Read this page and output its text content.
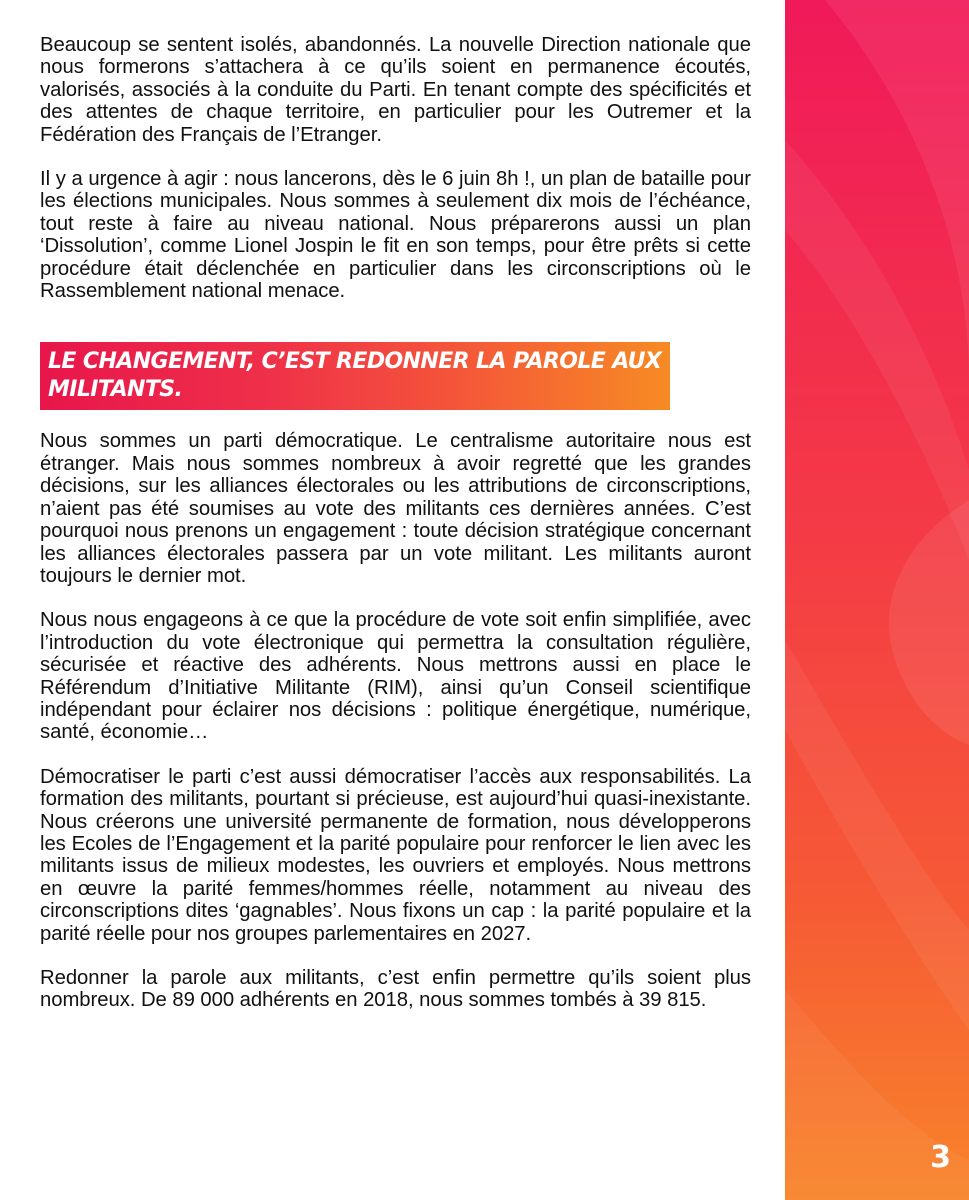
Beaucoup se sentent isolés, abandonnés. La nouvelle Direction nationale que nous formerons s’attachera à ce qu’ils soient en permanence écoutés, valorisés, associés à la conduite du Parti. En tenant compte des spécificités et des attentes de chaque territoire, en particulier pour les Outremer et la Fédération des Français de l’Etranger.

Il y a urgence à agir : nous lancerons, dès le 6 juin 8h !, un plan de bataille pour les élections municipales. Nous sommes à seulement dix mois de l’échéance, tout reste à faire au niveau national. Nous préparerons aussi un plan ‘Dissolution’, comme Lionel Jospin le fit en son temps, pour être prêts si cette procédure était déclenchée en particulier dans les circonscriptions où le Rassemblement national menace.

LE CHANGEMENT, C’EST REDONNER LA PAROLE AUX MILITANTS.

Nous sommes un parti démocratique. Le centralisme autoritaire nous est étranger. Mais nous sommes nombreux à avoir regretté que les grandes décisions, sur les alliances électorales ou les attributions de circonscriptions, n’aient pas été soumises au vote des militants ces dernières années. C’est pourquoi nous prenons un engagement : toute décision stratégique concernant les alliances électorales passera par un vote militant. Les militants auront toujours le dernier mot.

Nous nous engageons à ce que la procédure de vote soit enfin simplifiée, avec l’introduction du vote électronique qui permettra la consultation régulière, sécurisée et réactive des adhérents. Nous mettrons aussi en place le Référendum d’Initiative Militante (RIM), ainsi qu’un Conseil scientifique indépendant pour éclairer nos décisions : politique énergétique, numérique, santé, économie…

Démocratiser le parti c’est aussi démocratiser l’accès aux responsabilités. La formation des militants, pourtant si précieuse, est aujourd’hui quasi-inexistante. Nous créerons une université permanente de formation, nous développerons les Ecoles de l’Engagement et la parité populaire pour renforcer le lien avec les militants issus de milieux modestes, les ouvriers et employés. Nous mettrons en œuvre la parité femmes/hommes réelle, notamment au niveau des circonscriptions dites ‘gagnables’. Nous fixons un cap : la parité populaire et la parité réelle pour nos groupes parlementaires en 2027.

Redonner la parole aux militants, c’est enfin permettre qu’ils soient plus nombreux. De 89 000 adhérents en 2018, nous sommes tombés à 39 815.

3
